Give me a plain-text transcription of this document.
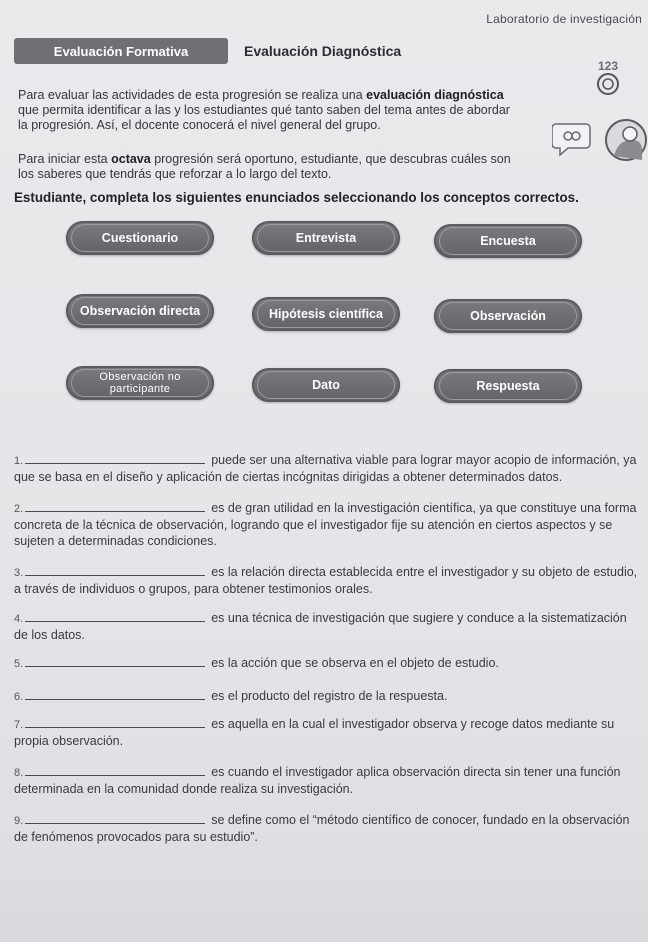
Laboratorio de investigación
Evaluación Formativa	Evaluación Diagnóstica
123
Para evaluar las actividades de esta progresión se realiza una evaluación diagnóstica
que permita identificar a las y los estudiantes qué tanto saben del tema antes de abordar
la progresión. Así, el docente conocerá el nivel general del grupo.
Para iniciar esta octava progresión será oportuno, estudiante, que descubras cuáles son
los saberes que tendrás que reforzar a lo largo del texto.
Estudiante, completa los siguientes enunciados seleccionando los conceptos correctos.
Cuestionario	Entrevista	Encuesta
Observación directa	Hipótesis científica	Observación
Observación no
participante	Dato	Respuesta
1.	puede ser una alternativa viable para lograr mayor acopio de información, ya
que se basa en el diseño y aplicación de ciertas incógnitas dirigidas a obtener determinados datos.
2.	es de gran utilidad en la investigación científica, ya que constituye una forma
concreta de la técnica de observación, logrando que el investigador fije su atención en ciertos aspectos y se
sujeten a determinadas condiciones.
3.	es la relación directa establecida entre el investigador y su objeto de estudio,
a través de individuos o grupos, para obtener testimonios orales.
4.	es una técnica de investigación que sugiere y conduce a la sistematización
de los datos.
5.	es la acción que se observa en el objeto de estudio.
6.	es el producto del registro de la respuesta.
7.	es aquella en la cual el investigador observa y recoge datos mediante su
propia observación.
8.	es cuando el investigador aplica observación directa sin tener una función
determinada en la comunidad donde realiza su investigación.
9.	se define como el “método científico de conocer, fundado en la observación
de fenómenos provocados para su estudio”.
